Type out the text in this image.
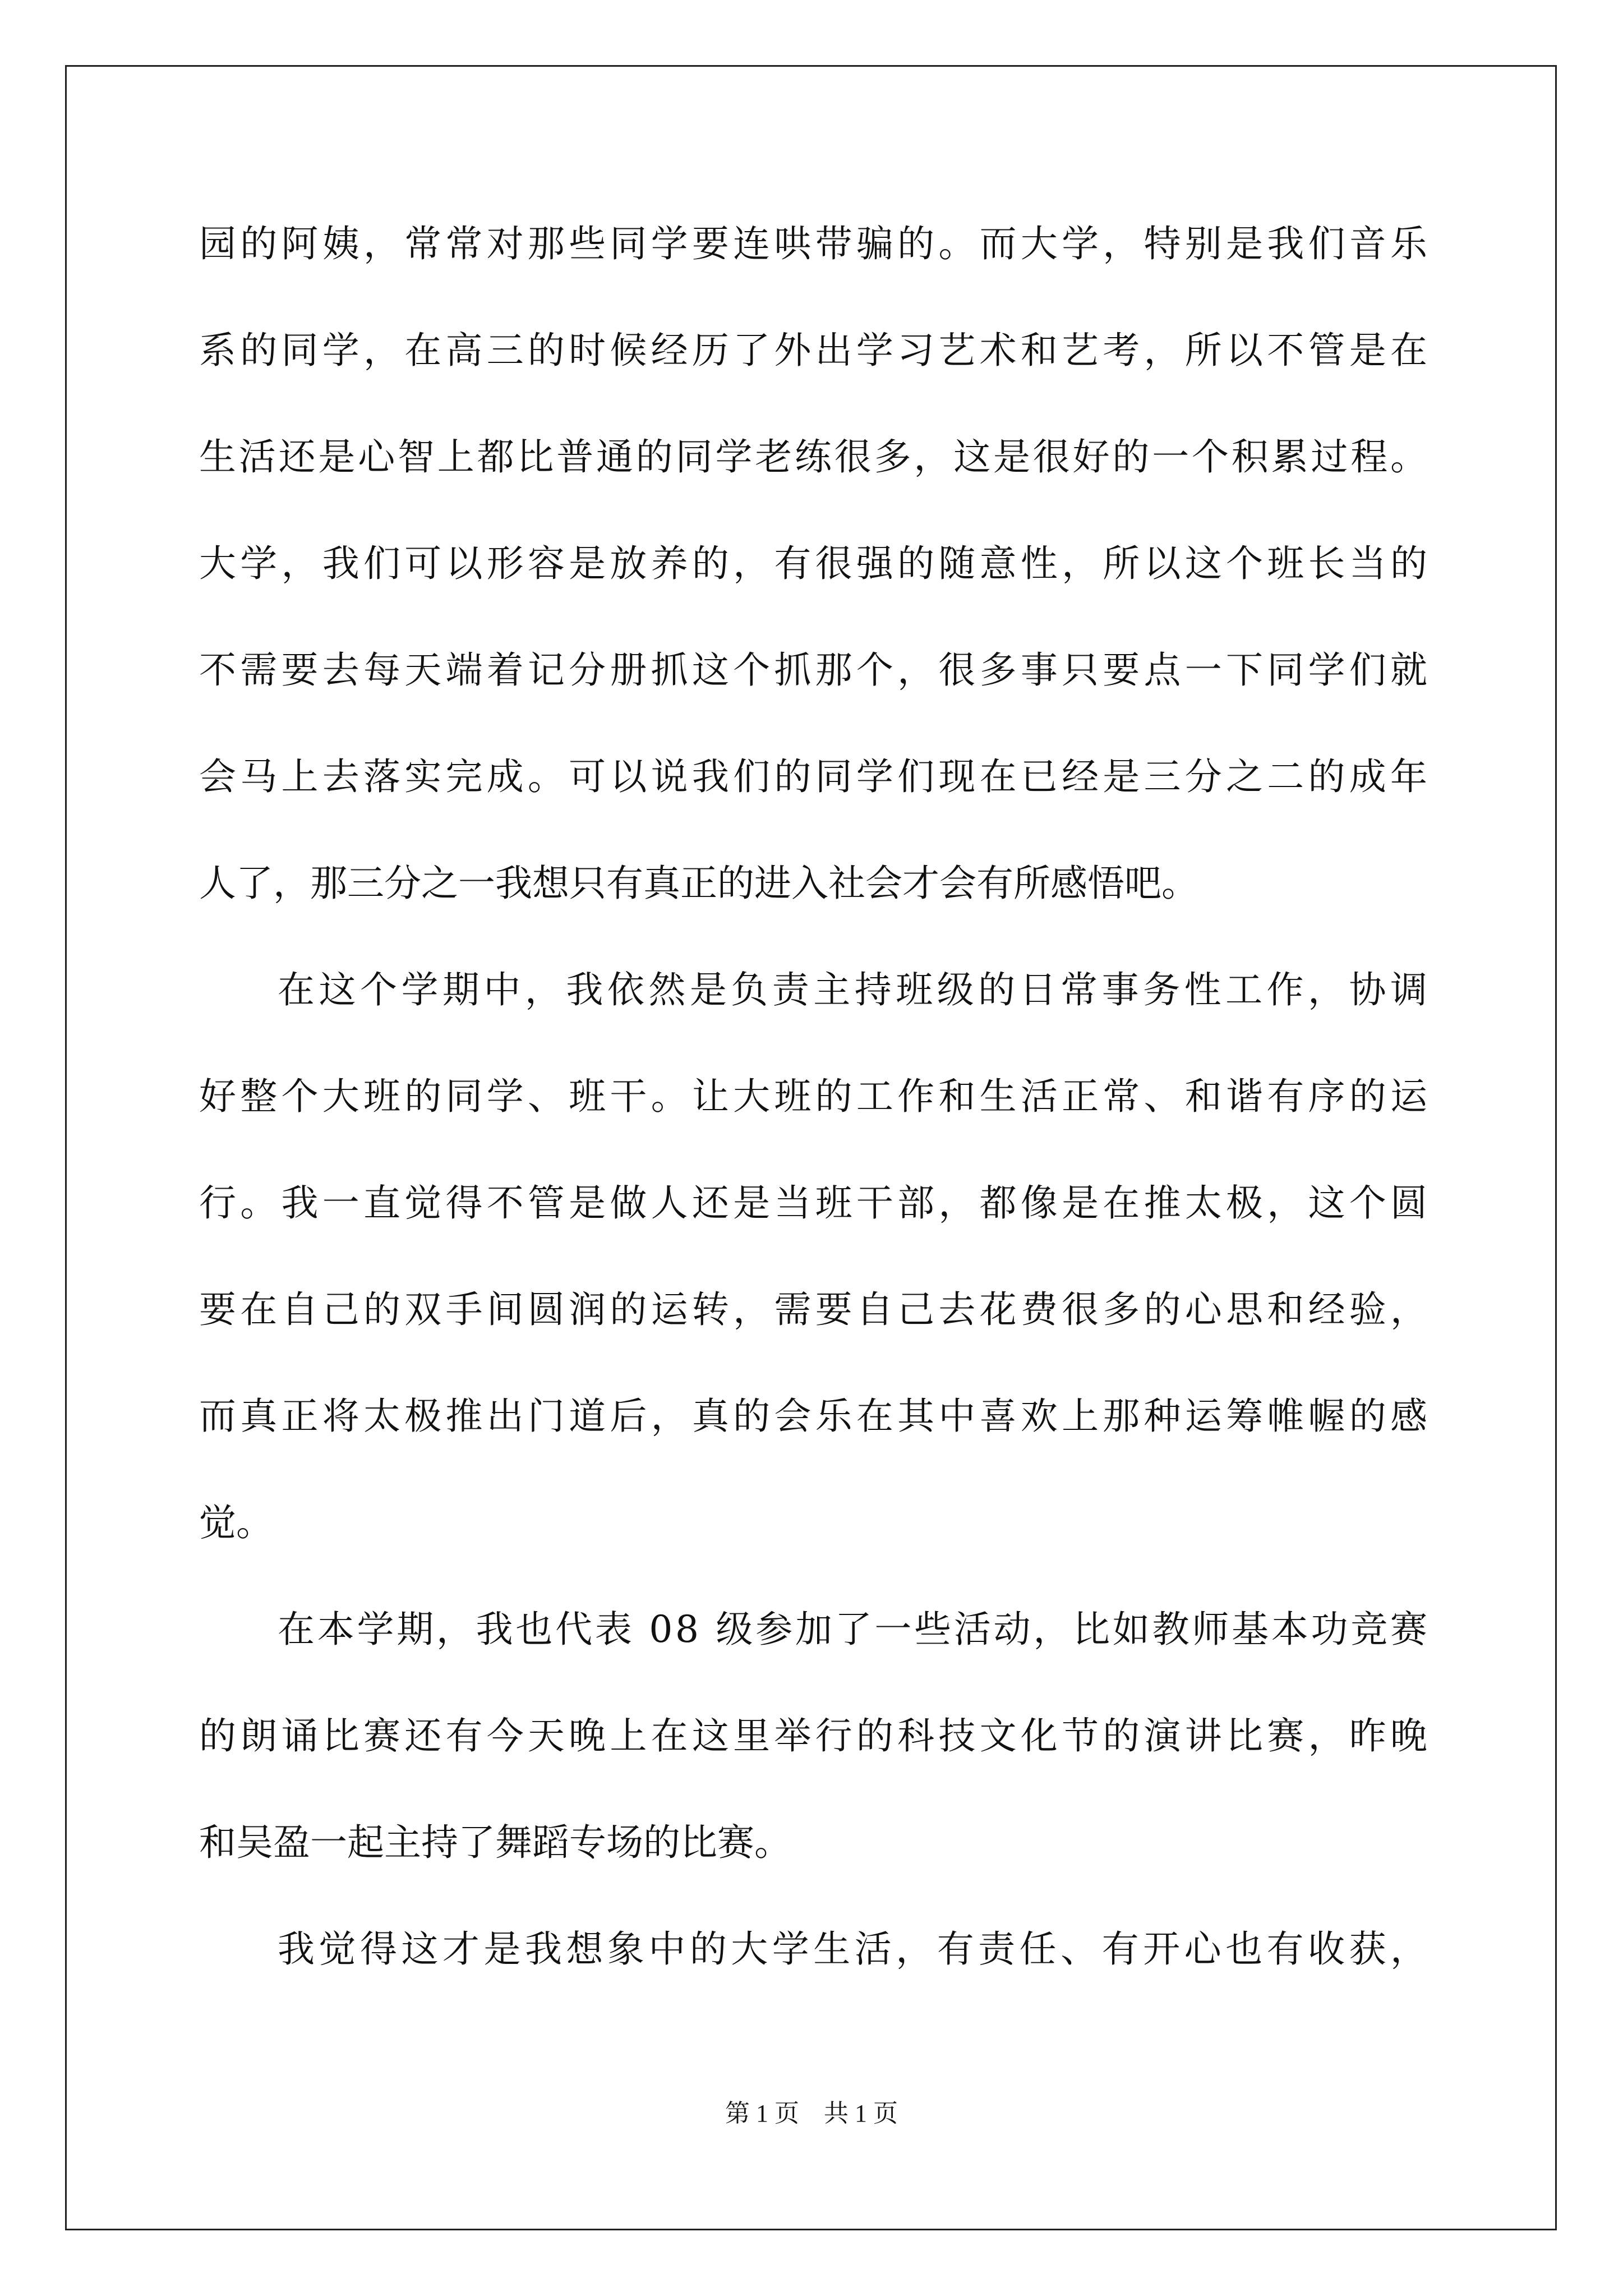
园的阿姨，常常对那些同学要连哄带骗的。而大学，特别是我们音乐
系的同学，在高三的时候经历了外出学习艺术和艺考，所以不管是在
生活还是心智上都比普通的同学老练很多，这是很好的一个积累过程。
大学，我们可以形容是放养的，有很强的随意性，所以这个班长当的
不需要去每天端着记分册抓这个抓那个，很多事只要点一下同学们就
会马上去落实完成。可以说我们的同学们现在已经是三分之二的成年
人了，那三分之一我想只有真正的进入社会才会有所感悟吧。
在这个学期中，我依然是负责主持班级的日常事务性工作，协调
好整个大班的同学、班干。让大班的工作和生活正常、和谐有序的运
行。我一直觉得不管是做人还是当班干部，都像是在推太极，这个圆
要在自己的双手间圆润的运转，需要自己去花费很多的心思和经验，
而真正将太极推出门道后，真的会乐在其中喜欢上那种运筹帷幄的感
觉。
在本学期，我也代表 08 级参加了一些活动，比如教师基本功竞赛
的朗诵比赛还有今天晚上在这里举行的科技文化节的演讲比赛，昨晚
和吴盈一起主持了舞蹈专场的比赛。
我觉得这才是我想象中的大学生活，有责任、有开心也有收获，
第 1 页　共 1 页
